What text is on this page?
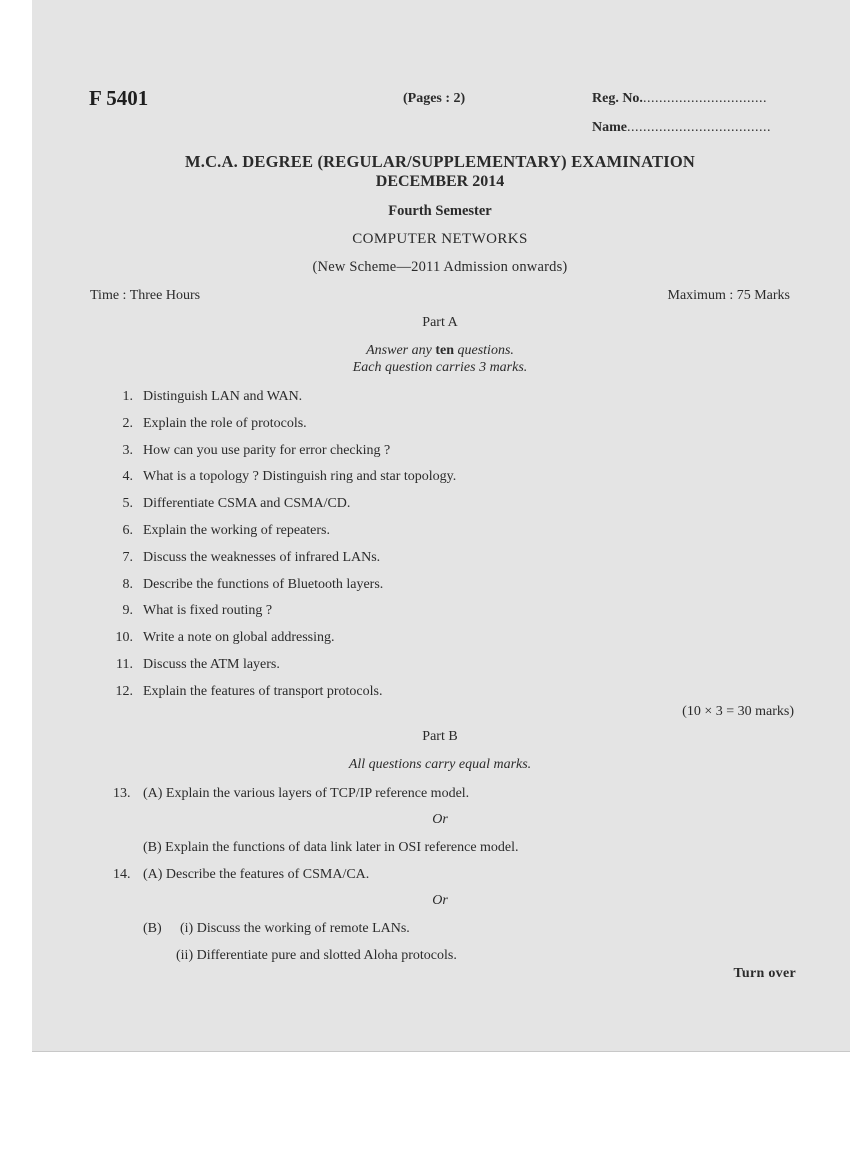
F 5401	(Pages : 2)	Reg. No................................
Name....................................
M.C.A. DEGREE (REGULAR/SUPPLEMENTARY) EXAMINATION
DECEMBER 2014
Fourth Semester
COMPUTER NETWORKS
(New Scheme—2011 Admission onwards)
Time : Three Hours	Maximum : 75 Marks
Part A
Answer any ten questions.
Each question carries 3 marks.
1. Distinguish LAN and WAN.
2. Explain the role of protocols.
3. How can you use parity for error checking ?
4. What is a topology ? Distinguish ring and star topology.
5. Differentiate CSMA and CSMA/CD.
6. Explain the working of repeaters.
7. Discuss the weaknesses of infrared LANs.
8. Describe the functions of Bluetooth layers.
9. What is fixed routing ?
10. Write a note on global addressing.
11. Discuss the ATM layers.
12. Explain the features of transport protocols.
(10 × 3 = 30 marks)
Part B
All questions carry equal marks.
13. (A) Explain the various layers of TCP/IP reference model.
Or
(B) Explain the functions of data link later in OSI reference model.
14. (A) Describe the features of CSMA/CA.
Or
(B) (i) Discuss the working of remote LANs.
(ii) Differentiate pure and slotted Aloha protocols.
Turn over
